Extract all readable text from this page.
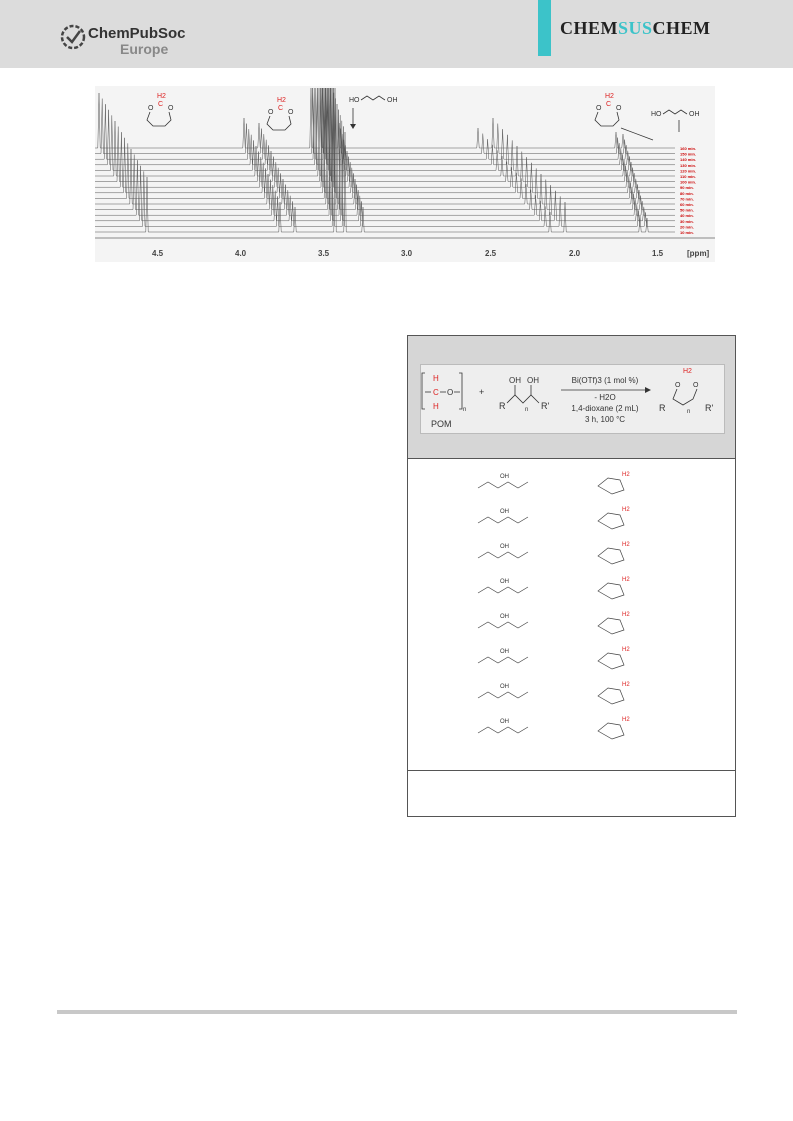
ChemPubSoc
Europe
CHEMSUSCHEM
4.5	4.0	3.5	3.0	2.5	2.0	1.5	[ppm]
160 min.
150 min.
140 min.
130 min.
120 min.
110 min.
100 min.
90 min.
80 min.
70 min.
60 min.
50 min.
40 min.
30 min.
20 min.
10 min.
H2
C
O O
H2
C
O O
HO	OH
H2
C
O O
HO	OH
H
C
H
O
n
POM
+
R
OH OH
R'
n
Bi(OTf)3 (1 mol %)
- H2O
1,4-dioxane (2 mL)
3 h, 100 °C
H2
O O
R	R'
n
OH	H2
OH	H2
OH	H2
OH	H2
OH	H2
OH	H2
OH	H2
OH	H2
